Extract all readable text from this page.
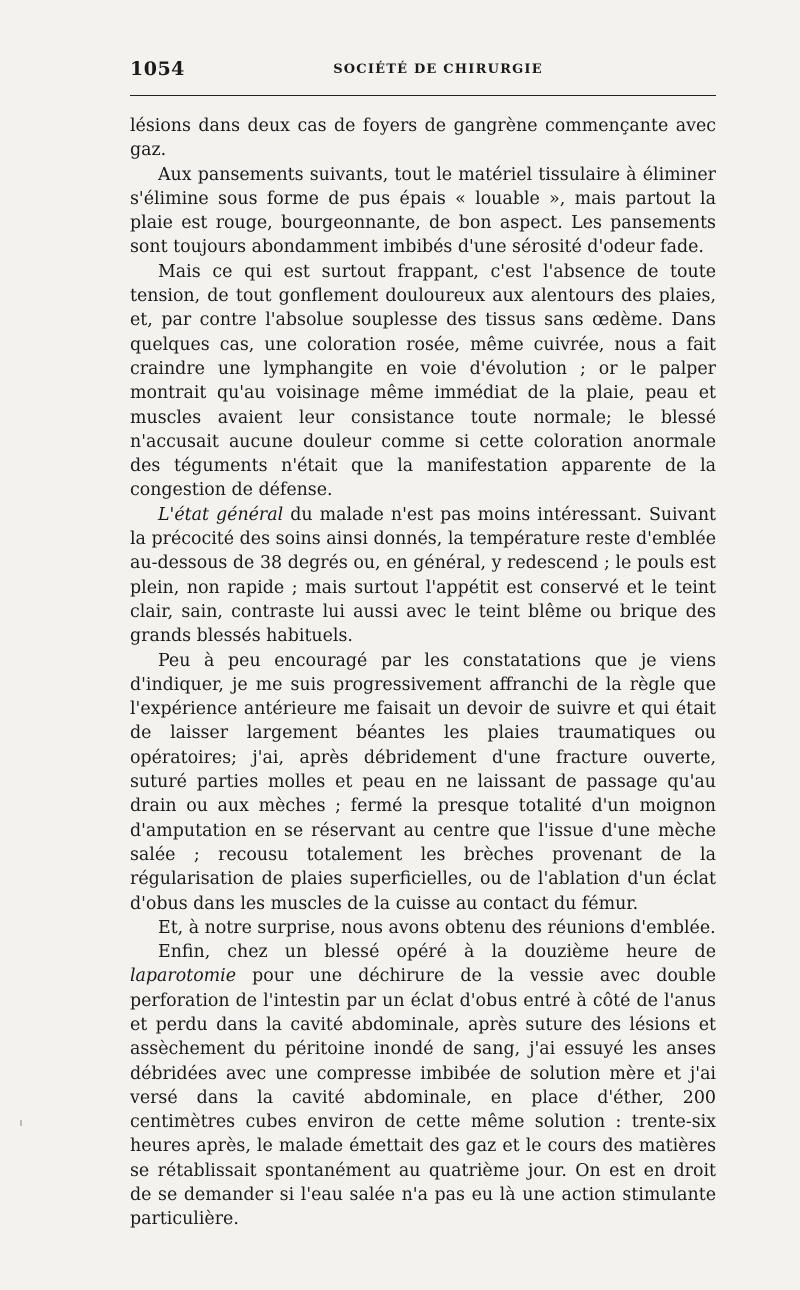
1054	SOCIÉTÉ DE CHIRURGIE

lésions dans deux cas de foyers de gangrène commençante avec gaz.

Aux pansements suivants, tout le matériel tissulaire à éliminer s'élimine sous forme de pus épais « louable », mais partout la plaie est rouge, bourgeonnante, de bon aspect. Les pansements sont toujours abondamment imbibés d'une sérosité d'odeur fade.

Mais ce qui est surtout frappant, c'est l'absence de toute tension, de tout gonflement douloureux aux alentours des plaies, et, par contre l'absolue souplesse des tissus sans œdème. Dans quelques cas, une coloration rosée, même cuivrée, nous a fait craindre une lymphangite en voie d'évolution ; or le palper montrait qu'au voisinage même immédiat de la plaie, peau et muscles avaient leur consistance toute normale; le blessé n'accusait aucune douleur comme si cette coloration anormale des téguments n'était que la manifestation apparente de la congestion de défense.

L'état général du malade n'est pas moins intéressant. Suivant la précocité des soins ainsi donnés, la température reste d'emblée au-dessous de 38 degrés ou, en général, y redescend ; le pouls est plein, non rapide ; mais surtout l'appétit est conservé et le teint clair, sain, contraste lui aussi avec le teint blême ou brique des grands blessés habituels.

Peu à peu encouragé par les constatations que je viens d'indiquer, je me suis progressivement affranchi de la règle que l'expérience antérieure me faisait un devoir de suivre et qui était de laisser largement béantes les plaies traumatiques ou opératoires; j'ai, après débridement d'une fracture ouverte, suturé parties molles et peau en ne laissant de passage qu'au drain ou aux mèches ; fermé la presque totalité d'un moignon d'amputation en se réservant au centre que l'issue d'une mèche salée ; recousu totalement les brèches provenant de la régularisation de plaies superficielles, ou de l'ablation d'un éclat d'obus dans les muscles de la cuisse au contact du fémur.

Et, à notre surprise, nous avons obtenu des réunions d'emblée.

Enfin, chez un blessé opéré à la douzième heure de laparotomie pour une déchirure de la vessie avec double perforation de l'intestin par un éclat d'obus entré à côté de l'anus et perdu dans la cavité abdominale, après suture des lésions et assèchement du péritoine inondé de sang, j'ai essuyé les anses débridées avec une compresse imbibée de solution mère et j'ai versé dans la cavité abdominale, en place d'éther, 200 centimètres cubes environ de cette même solution : trente-six heures après, le malade émettait des gaz et le cours des matières se rétablissait spontanément au quatrième jour. On est en droit de se demander si l'eau salée n'a pas eu là une action stimulante particulière.
